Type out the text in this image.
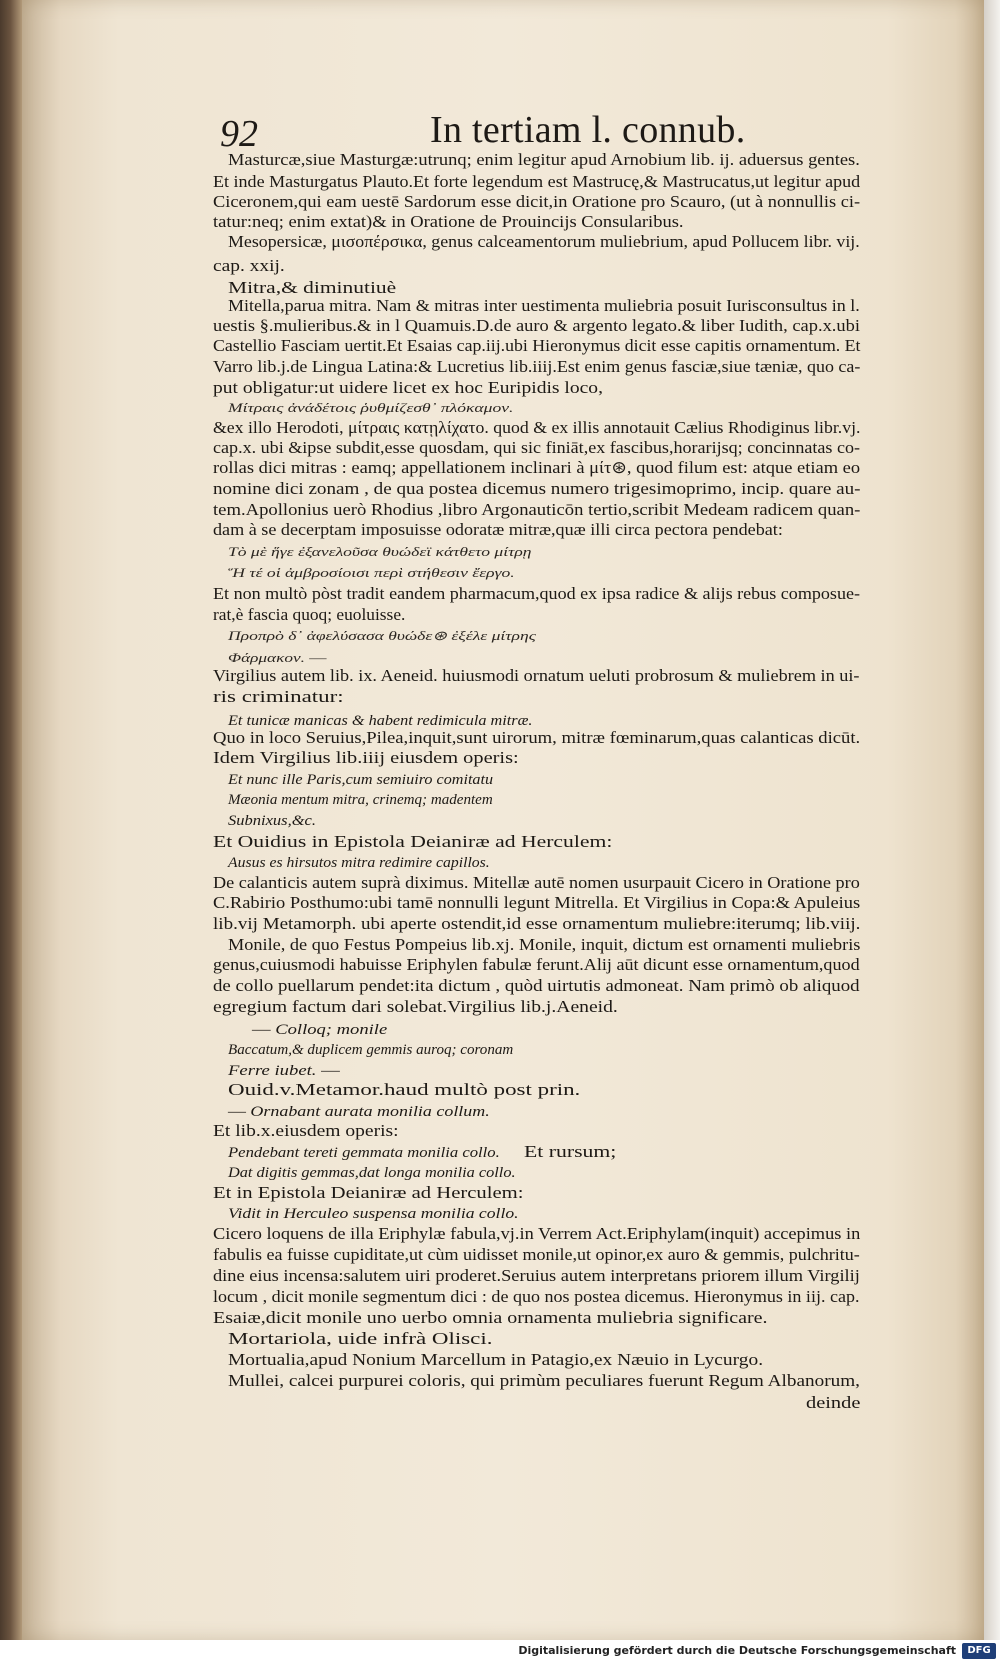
92	In tertiam l. connub.
Masturcæ,siue Masturgæ:utrunq; enim legitur apud Arnobium lib. ij. aduersus gentes.
Et inde Masturgatus Plauto.Et forte legendum est Mastrucę,& Mastrucatus,ut legitur apud
Ciceronem,qui eam uestē Sardorum esse dicit,in Oratione pro Scauro, (ut à nonnullis ci-
tatur:neq; enim extat)& in Oratione de Prouincijs Consularibus.
Mesopersicæ, μισοπέρσικα, genus calceamentorum muliebrium, apud Pollucem libr. vij.
cap. xxij.
Mitra,& diminutiuè
Mitella,parua mitra. Nam & mitras inter uestimenta muliebria posuit Iurisconsultus in l.
uestis §.mulieribus.& in l Quamuis.D.de auro & argento legato.& liber Iudith, cap.x.ubi
Castellio Fasciam uertit.Et Esaias cap.iij.ubi Hieronymus dicit esse capitis ornamentum. Et
Varro lib.j.de Lingua Latina:& Lucretius lib.iiij.Est enim genus fasciæ,siue tæniæ, quo ca-
put obligatur:ut uidere licet ex hoc Euripidis loco,
Μίτραις ἀνάδέτοις ῥυθμίζεσθ᾽ πλόκαμον.
&ex illo Herodoti, μίτραις κατῃλίχατο. quod & ex illis annotauit Cælius Rhodiginus libr.vj.
cap.x. ubi &ipse subdit,esse quosdam, qui sic finiāt,ex fascibus,horarijsq; concinnatas co-
rollas dici mitras : eamq; appellationem inclinari à μίτ⊛, quod filum est: atque etiam eo
nomine dici zonam , de qua postea dicemus numero trigesimoprimo, incip. quare au-
tem.Apollonius uerò Rhodius ,libro Argonauticōn tertio,scribit Medeam radicem quan-
dam à se decerptam imposuisse odoratæ mitræ,quæ illi circa pectora pendebat:
Τὸ μὲ ἥγε ἐξανελοῦσα θυώδεϊ κάτθετο μίτρῃ
Ἥ τέ οἱ ἀμβροσίοισι περὶ στήθεσιν ἔεργο.
Et non multò pòst tradit eandem pharmacum,quod ex ipsa radice & alijs rebus composue-
rat,è fascia quoq; euoluisse.
Προπρὸ δ᾽ ἀφελύσασα θυώδε⊛ ἐξέλε μίτρης
Φάρμακον. ―
Virgilius autem lib. ix. Aeneid. huiusmodi ornatum ueluti probrosum & muliebrem in ui-
ris criminatur:
Et tunicæ manicas & habent redimicula mitræ.
Quo in loco Seruius,Pilea,inquit,sunt uirorum, mitræ fœminarum,quas calanticas dicūt.
Idem Virgilius lib.iiij eiusdem operis:
Et nunc ille Paris,cum semiuiro comitatu
Mæonia mentum mitra, crinemq; madentem
Subnixus,&c.
Et Ouidius in Epistola Deianiræ ad Herculem:
Ausus es hirsutos mitra redimire capillos.
De calanticis autem suprà diximus. Mitellæ autē nomen usurpauit Cicero in Oratione pro
C.Rabirio Posthumo:ubi tamē nonnulli legunt Mitrella. Et Virgilius in Copa:& Apuleius
lib.vij Metamorph. ubi aperte ostendit,id esse ornamentum muliebre:iterumq; lib.viij.
Monile, de quo Festus Pompeius lib.xj. Monile, inquit, dictum est ornamenti muliebris
genus,cuiusmodi habuisse Eriphylen fabulæ ferunt.Alij aūt dicunt esse ornamentum,quod
de collo puellarum pendet:ita dictum , quòd uirtutis admoneat. Nam primò ob aliquod
egregium factum dari solebat.Virgilius lib.j.Aeneid.
― Colloq; monile
Baccatum,& duplicem gemmis auroq; coronam
Ferre iubet. ―
Ouid.v.Metamor.haud multò post prin.
― Ornabant aurata monilia collum.
Et lib.x.eiusdem operis:
Pendebant tereti gemmata monilia collo. Et rursum;
Dat digitis gemmas,dat longa monilia collo.
Et in Epistola Deianiræ ad Herculem:
Vidit in Herculeo suspensa monilia collo.
Cicero loquens de illa Eriphylæ fabula,vj.in Verrem Act.Eriphylam(inquit) accepimus in
fabulis ea fuisse cupiditate,ut cùm uidisset monile,ut opinor,ex auro & gemmis, pulchritu-
dine eius incensa:salutem uiri proderet.Seruius autem interpretans priorem illum Virgilij
locum , dicit monile segmentum dici : de quo nos postea dicemus. Hieronymus in iij. cap.
Esaiæ,dicit monile uno uerbo omnia ornamenta muliebria significare.
Mortariola, uide infrà Olisci.
Mortualia,apud Nonium Marcellum in Patagio,ex Næuio in Lycurgo.
Mullei, calcei purpurei coloris, qui primùm peculiares fuerunt Regum Albanorum,
deinde
Digitalisierung gefördert durch die Deutsche Forschungsgemeinschaft	DFG
